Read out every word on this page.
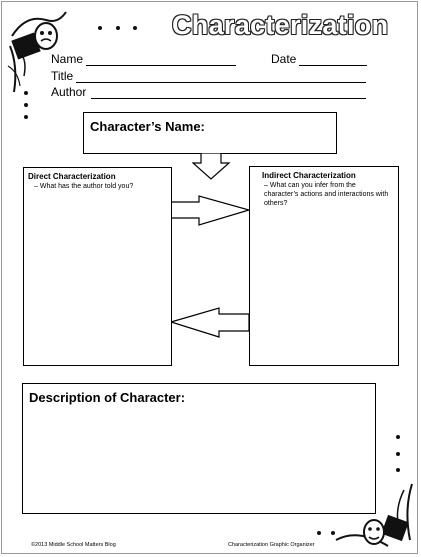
Characterization
Name	Date
Title
Author
Character’s Name:
Direct Characterization
– What has the author told you?
Indirect Characterization
– What can you infer from the character’s actions and interactions with others?
Description of Character:
©2013 Middle School Matters Blog	Characterization Graphic Organizer
